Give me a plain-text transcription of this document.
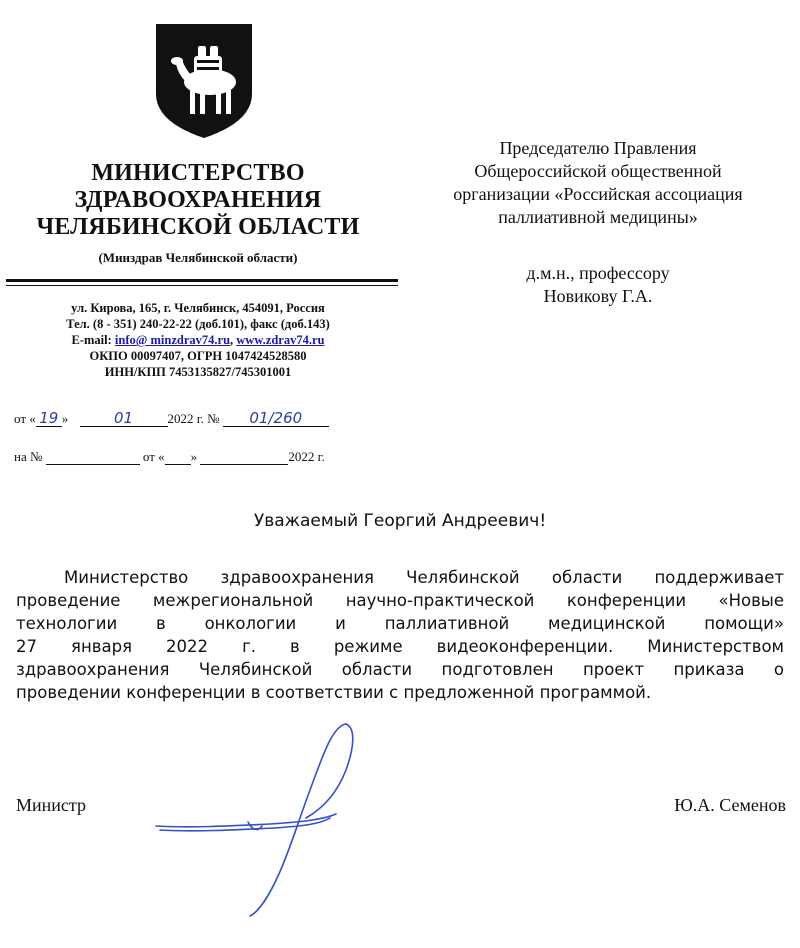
МИНИСТЕРСТВО
ЗДРАВООХРАНЕНИЯ
ЧЕЛЯБИНСКОЙ ОБЛАСТИ
(Минздрав Челябинской области)
ул. Кирова, 165, г. Челябинск, 454091, Россия
Тел. (8 - 351) 240-22-22 (доб.101), факс (доб.143)
E-mail: info@ minzdrav74.ru, www.zdrav74.ru
ОКПО 00097407, ОГРН 1047424528580
ИНН/КПП 7453135827/745301001
от « 19 »	01	2022 г. № 01/260
на №	от « »	2022 г.
Председателю Правления
Общероссийской общественной
организации «Российская ассоциация
паллиативной медицины»
д.м.н., профессору
Новикову Г.А.
Уважаемый Георгий Андреевич!
Министерство здравоохранения Челябинской области поддерживает
проведение межрегиональной научно-практической конференции «Новые
технологии в онкологии и паллиативной медицинской помощи»
27 января 2022 г. в режиме видеоконференции. Министерством
здравоохранения Челябинской области подготовлен проект приказа о
проведении конференции в соответствии с предложенной программой.
Министр	Ю.А. Семенов
